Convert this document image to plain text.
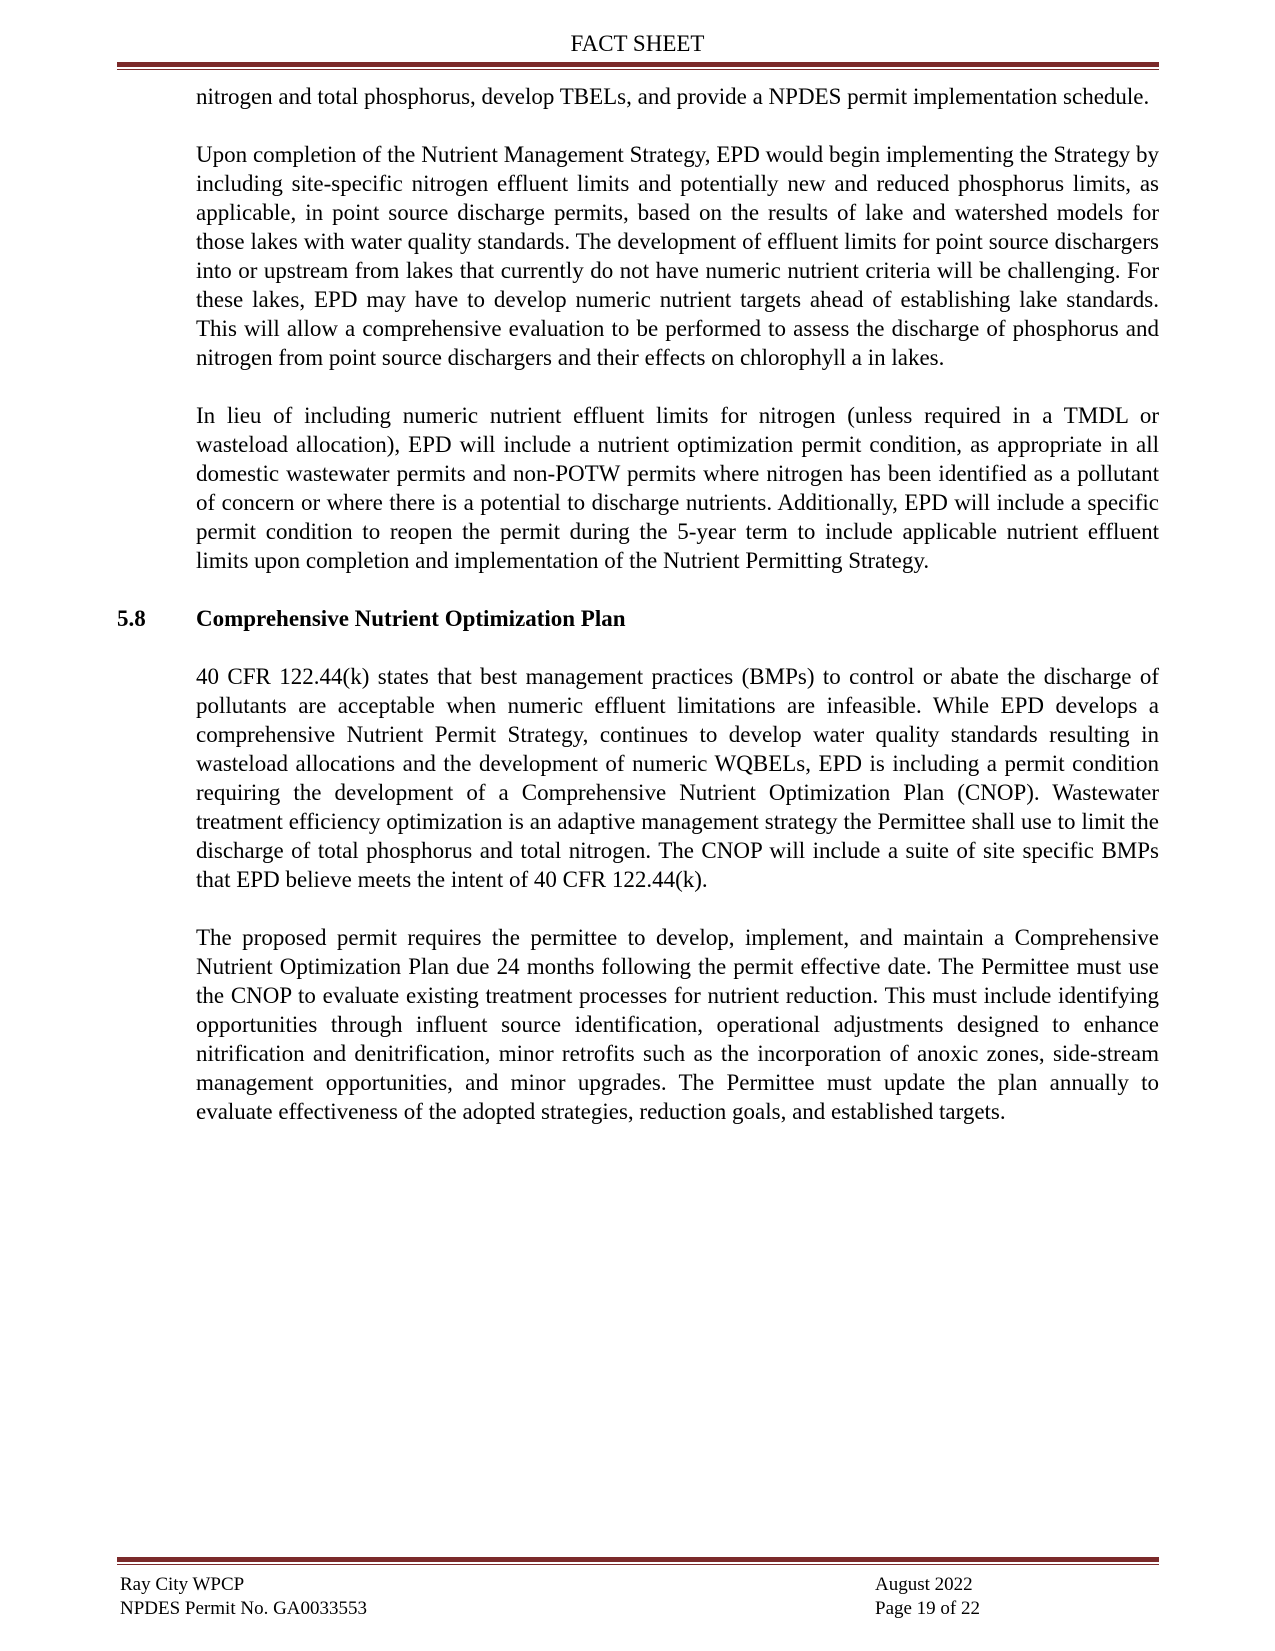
FACT SHEET

nitrogen and total phosphorus, develop TBELs, and provide a NPDES permit implementation schedule.

Upon completion of the Nutrient Management Strategy, EPD would begin implementing the Strategy by including site-specific nitrogen effluent limits and potentially new and reduced phosphorus limits, as applicable, in point source discharge permits, based on the results of lake and watershed models for those lakes with water quality standards. The development of effluent limits for point source dischargers into or upstream from lakes that currently do not have numeric nutrient criteria will be challenging. For these lakes, EPD may have to develop numeric nutrient targets ahead of establishing lake standards. This will allow a comprehensive evaluation to be performed to assess the discharge of phosphorus and nitrogen from point source dischargers and their effects on chlorophyll a in lakes.

In lieu of including numeric nutrient effluent limits for nitrogen (unless required in a TMDL or wasteload allocation), EPD will include a nutrient optimization permit condition, as appropriate in all domestic wastewater permits and non-POTW permits where nitrogen has been identified as a pollutant of concern or where there is a potential to discharge nutrients. Additionally, EPD will include a specific permit condition to reopen the permit during the 5-year term to include applicable nutrient effluent limits upon completion and implementation of the Nutrient Permitting Strategy.

5.8	Comprehensive Nutrient Optimization Plan

40 CFR 122.44(k) states that best management practices (BMPs) to control or abate the discharge of pollutants are acceptable when numeric effluent limitations are infeasible. While EPD develops a comprehensive Nutrient Permit Strategy, continues to develop water quality standards resulting in wasteload allocations and the development of numeric WQBELs, EPD is including a permit condition requiring the development of a Comprehensive Nutrient Optimization Plan (CNOP). Wastewater treatment efficiency optimization is an adaptive management strategy the Permittee shall use to limit the discharge of total phosphorus and total nitrogen. The CNOP will include a suite of site specific BMPs that EPD believe meets the intent of 40 CFR 122.44(k).

The proposed permit requires the permittee to develop, implement, and maintain a Comprehensive Nutrient Optimization Plan due 24 months following the permit effective date. The Permittee must use the CNOP to evaluate existing treatment processes for nutrient reduction. This must include identifying opportunities through influent source identification, operational adjustments designed to enhance nitrification and denitrification, minor retrofits such as the incorporation of anoxic zones, side-stream management opportunities, and minor upgrades. The Permittee must update the plan annually to evaluate effectiveness of the adopted strategies, reduction goals, and established targets.

Ray City WPCP	August 2022
NPDES Permit No. GA0033553	Page 19 of 22
